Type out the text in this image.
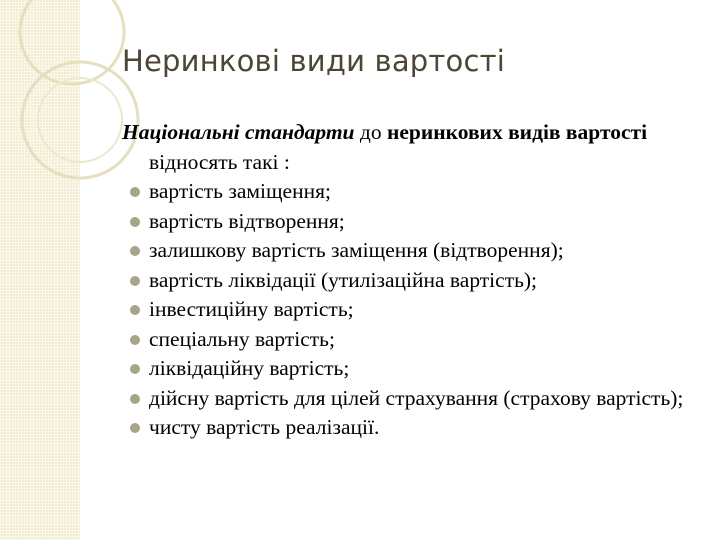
Неринкові види вартості
Національні стандарти до неринкових видів вартості відносять такі :
вартість заміщення;
вартість відтворення;
залишкову вартість заміщення (відтворення);
вартість ліквідації (утилізаційна вартість);
інвестиційну вартість;
спеціальну вартість;
ліквідаційну вартість;
дійсну вартість для цілей страхування (страхову вартість);
чисту вартість реалізації.
